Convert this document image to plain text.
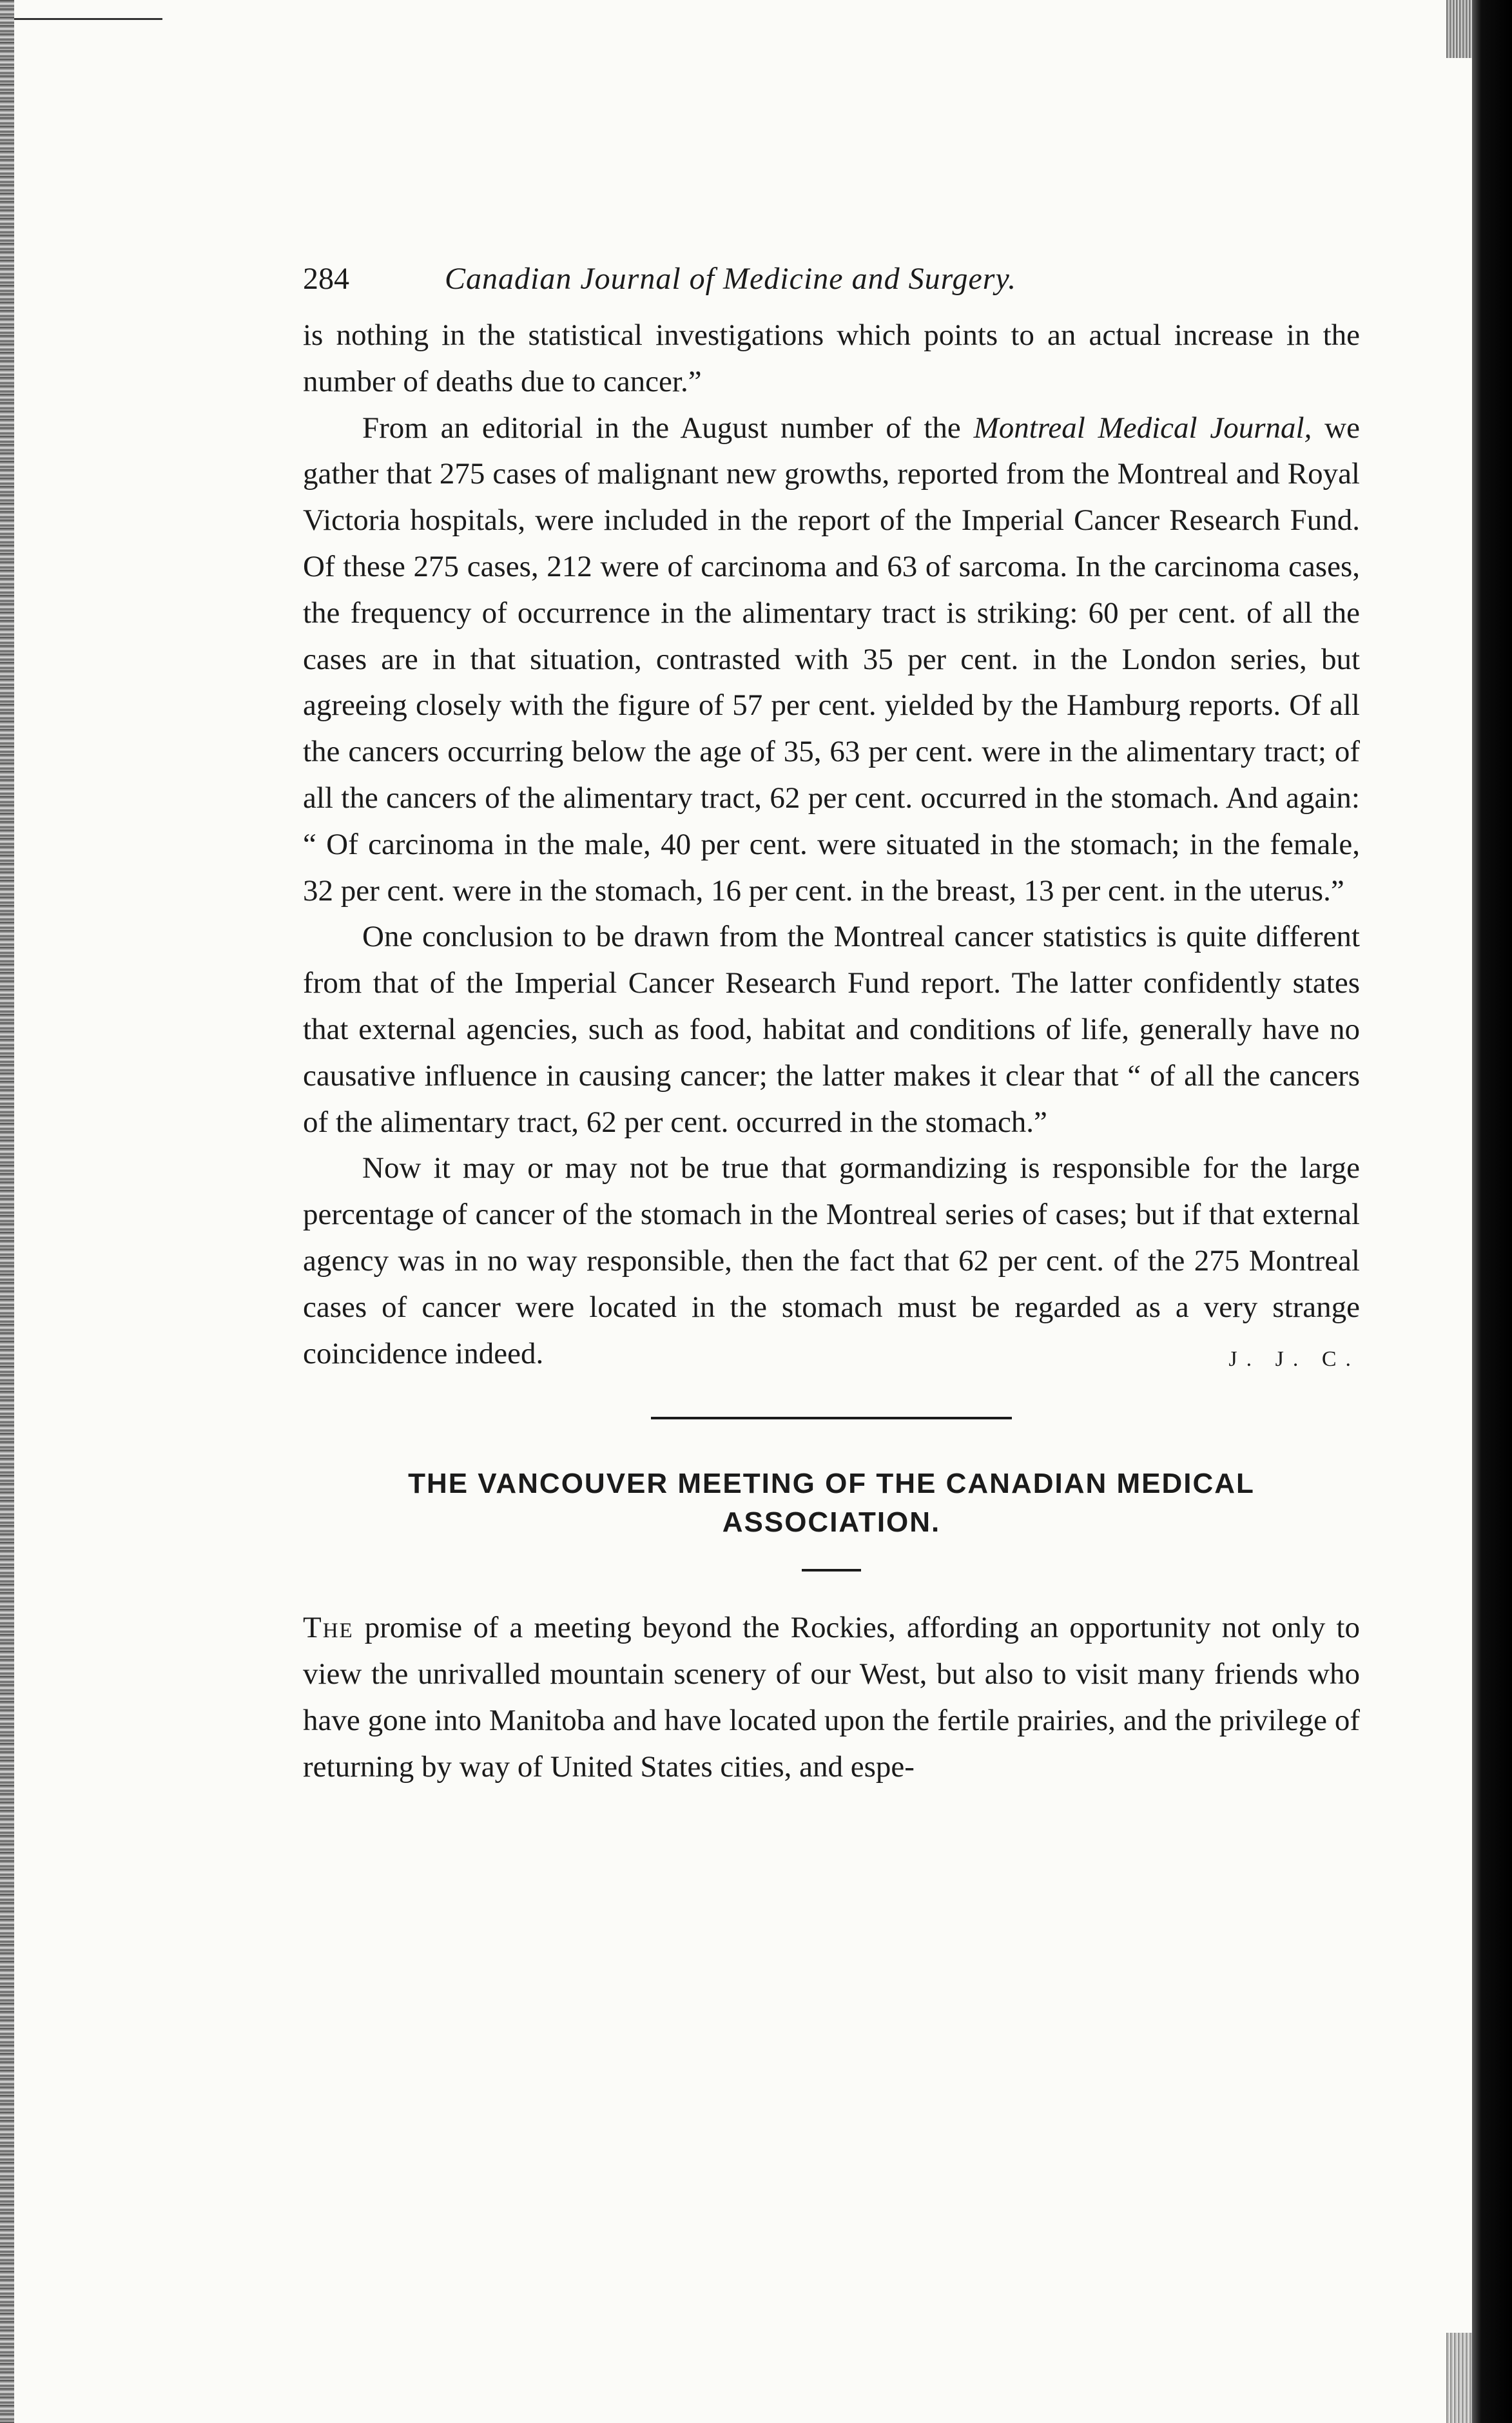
284	Canadian Journal of Medicine and Surgery.

is nothing in the statistical investigations which points to an actual increase in the number of deaths due to cancer.”

From an editorial in the August number of the Montreal Medical Journal, we gather that 275 cases of malignant new growths, reported from the Montreal and Royal Victoria hospitals, were included in the report of the Imperial Cancer Research Fund. Of these 275 cases, 212 were of carcinoma and 63 of sarcoma. In the carcinoma cases, the frequency of occurrence in the alimentary tract is striking: 60 per cent. of all the cases are in that situation, contrasted with 35 per cent. in the London series, but agreeing closely with the figure of 57 per cent. yielded by the Hamburg reports. Of all the cancers occurring below the age of 35, 63 per cent. were in the alimentary tract; of all the cancers of the alimentary tract, 62 per cent. occurred in the stomach. And again: “ Of carcinoma in the male, 40 per cent. were situated in the stomach; in the female, 32 per cent. were in the stomach, 16 per cent. in the breast, 13 per cent. in the uterus.”

One conclusion to be drawn from the Montreal cancer statistics is quite different from that of the Imperial Cancer Research Fund report. The latter confidently states that external agencies, such as food, habitat and conditions of life, generally have no causative influence in causing cancer; the latter makes it clear that “ of all the cancers of the alimentary tract, 62 per cent. occurred in the stomach.”

Now it may or may not be true that gormandizing is responsible for the large percentage of cancer of the stomach in the Montreal series of cases; but if that external agency was in no way responsible, then the fact that 62 per cent. of the 275 Montreal cases of cancer were located in the stomach must be regarded as a very strange coincidence indeed.	J. J. C.

THE VANCOUVER MEETING OF THE CANADIAN MEDICAL ASSOCIATION.

The promise of a meeting beyond the Rockies, affording an opportunity not only to view the unrivalled mountain scenery of our West, but also to visit many friends who have gone into Manitoba and have located upon the fertile prairies, and the privilege of returning by way of United States cities, and espe-
